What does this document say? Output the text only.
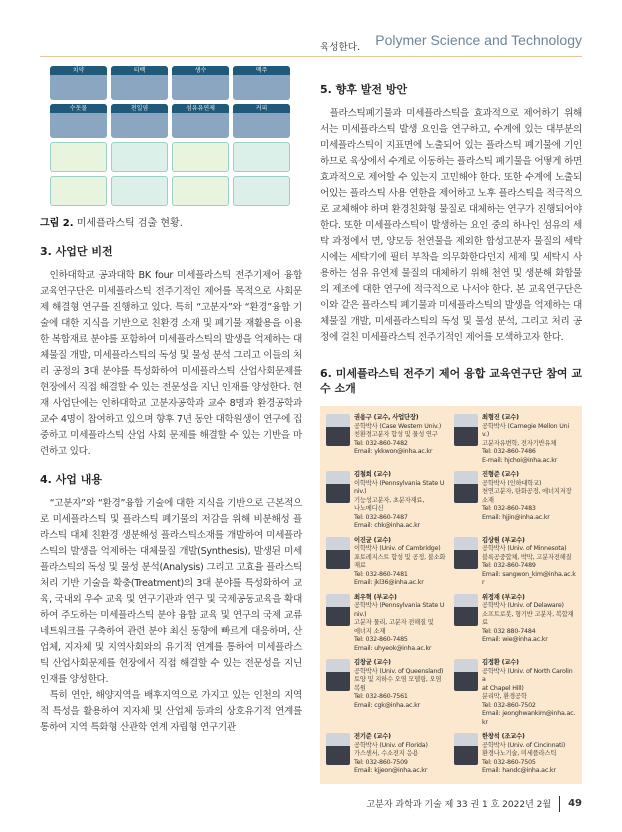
Polymer Science and Technology
치약	티백	생수	맥주
수돗물	천일염	섬유유연제	커피
그림 2. 미세플라스틱 검출 현황.
3. 사업단 비전

인하대학교 공과대학 BK four 미세플라스틱 전주기제어 융합 교육연구단은 미세플라스틱 전주기적인 제어를 목적으로 사회문제 해결형 연구를 진행하고 있다. 특히 “고분자”와 “환경”융합 기술에 대한 지식을 기반으로 친환경 소재 및 폐기물 재활용을 이용한 복합재료 분야를 포함하여 미세플라스틱의 발생을 억제하는 대체물질 개발, 미세플라스틱의 독성 및 물성 분석 그리고 이들의 처리 공정의 3대 분야를 특성화하여 미세플라스틱 산업사회문제를 현장에서 직접 해결할 수 있는 전문성을 지닌 인재를 양성한다. 현재 사업단에는 인하대학교 고분자공학과 교수 8명과 환경공학과 교수 4명이 참여하고 있으며 향후 7년 동안 대학원생이 연구에 집중하고 미세플라스틱 산업 사회 문제를 해결할 수 있는 기반을 마련하고 있다.

4. 사업 내용

“고분자”와 “환경”융합 기술에 대한 지식을 기반으로 근본적으로 미세플라스틱 및 플라스틱 폐기물의 저감을 위해 비분해성 플라스틱 대체 친환경 생분해성 플라스틱소재를 개발하여 미세플라스틱의 발생을 억제하는 대체물질 개발(Synthesis), 발생된 미세플라스틱의 독성 및 물성 분석(Analysis) 그리고 고효율 플라스틱 처리 기반 기술을 확충(Treatment)의 3대 분야를 특성화하여 교육, 국내외 우수 교육 및 연구기관과 연구 및 국제공동교육을 확대하여 주도하는 미세플라스틱 분야 융합 교육 및 연구의 국제 교류 네트워크를 구축하여 관련 분야 최신 동향에 빠르게 대응하며, 산업체, 지자체 및 지역사회와의 유기적 연계를 통하여 미세플라스틱 산업사회문제를 현장에서 직접 해결할 수 있는 전문성을 지닌 인재를 양성한다.

특히 연안, 해양지역을 배후지역으로 가지고 있는 인천의 지역적 특성을 활용하여 지자체 및 산업체 등과의 상호유기적 연계를 통하여 지역 특화형 산관학 연계 자립형 연구기관

육성한다.
5. 향후 발전 방안

플라스틱폐기물과 미세플라스틱을 효과적으로 제어하기 위해서는 미세플라스틱 발생 요인을 연구하고, 수계에 있는 대부분의 미세플라스틱이 지표면에 노출되어 있는 플라스틱 폐기물에 기인하므로 육상에서 수계로 이동하는 플라스틱 폐기물을 어떻게 하면 효과적으로 제어할 수 있는지 고민해야 한다. 또한 수계에 노출되어있는 플라스틱 사용 연한을 제어하고 노후 플라스틱을 적극적으로 교체해야 하며 환경친화형 물질로 대체하는 연구가 진행되어야 한다. 또한 미세플라스틱이 발생하는 요인 중의 하나인 섬유의 세탁 과정에서 면, 양모등 천연물을 제외한 합성고분자 물질의 세탁 시에는 세탁기에 필터 부착을 의무화한다던지 세제 및 세탁시 사용하는 섬유 유연제 물질의 대체하기 위해 천연 및 생분해 화합물의 제조에 대한 연구에 적극적으로 나서야 한다. 본 교육연구단은 이와 같은 플라스틱 폐기물과 미세플라스틱의 발생을 억제하는 대체물질 개발, 미세플라스틱의 독성 및 물성 분석, 그리고 처리 공정에 걸친 미세플라스틱 전주기적인 제어를 모색하고자 한다.

6. 미세플라스틱 전주기 제어 융합 교육연구단 참여 교수 소개
권용구 (교수, 사업단장)
공학박사 (Case Western Univ.)
친환경고분자 합성 및 물성 연구
Tel: 032-860-7482
Email: ykkwon@inha.ac.kr
최형진 (교수)
공학박사 (Carnegie Mellon Univ.)
고분자유변학, 전자기반유체
Tel: 032-860-7486
E-mail: hjchoi@inha.ac.kr
김철희 (교수)
이학박사 (Pennsylvania State Univ.)
기능성고분자, 초분자재료,
나노메디신
Tel: 032-860-7487
Email: chk@inha.ac.kr
진형준 (교수)
공학박사 (인하대학교)
천연고분자, 탄화공정, 에너지저장소재
Tel: 032-860-7483
Email: hjjin@inha.ac.kr
이진균 (교수)
이학박사 (Univ. of Cambridge)
포토레지스트 합성 및 공정, 불소화
재료
Tel: 032-860-7481
Email: jkl36@inha.ac.kr
김상원 (부교수)
공학박사 (Univ. of Minnesota)
블록공중합체, 박막, 고분자전해질
Tel: 032-860-7489
Email: sangwon_kim@inha.ac.kr
최우혁 (부교수)
공학박사 (Pennsylvania State Univ.)
고분자 물리, 고분자 전해질 및
에너지 소재
Tel: 032-860-7485
Email: uhyeok@inha.ac.kr
위정재 (부교수)
공학박사 (Univ. of Delaware)
소프트로봇, 형기반 고분자, 복합재료
Tel: 032 880-7484
Email: wie@inha.ac.kr
김창균 (교수)
공학박사 (Univ. of Queensland)
토양 및 지하수 오염 모델링, 오염 복원
Tel: 032-860-7561
Email: cgk@inha.ac.kr
김정환 (교수)
공학박사 (Univ. of North Carolina
at Chapel Hill)
분리막, 환경공학
Tel: 032-860-7502
Email: jeonghwankim@inha.ac.kr
전기준 (교수)
공학박사 (Univ. of Florida)
가스센서, 수소전지 응용
Tel: 032-860-7509
Email: kjjeon@inha.ac.kr
한창석 (조교수)
공학박사 (Univ. of Cincinnati)
환경나노기술, 미세플라스틱
Tel: 032-860-7505
Email: handc@inha.ac.kr
고분자 과학과 기술 제 33 권 1 호 2022년 2월 49
